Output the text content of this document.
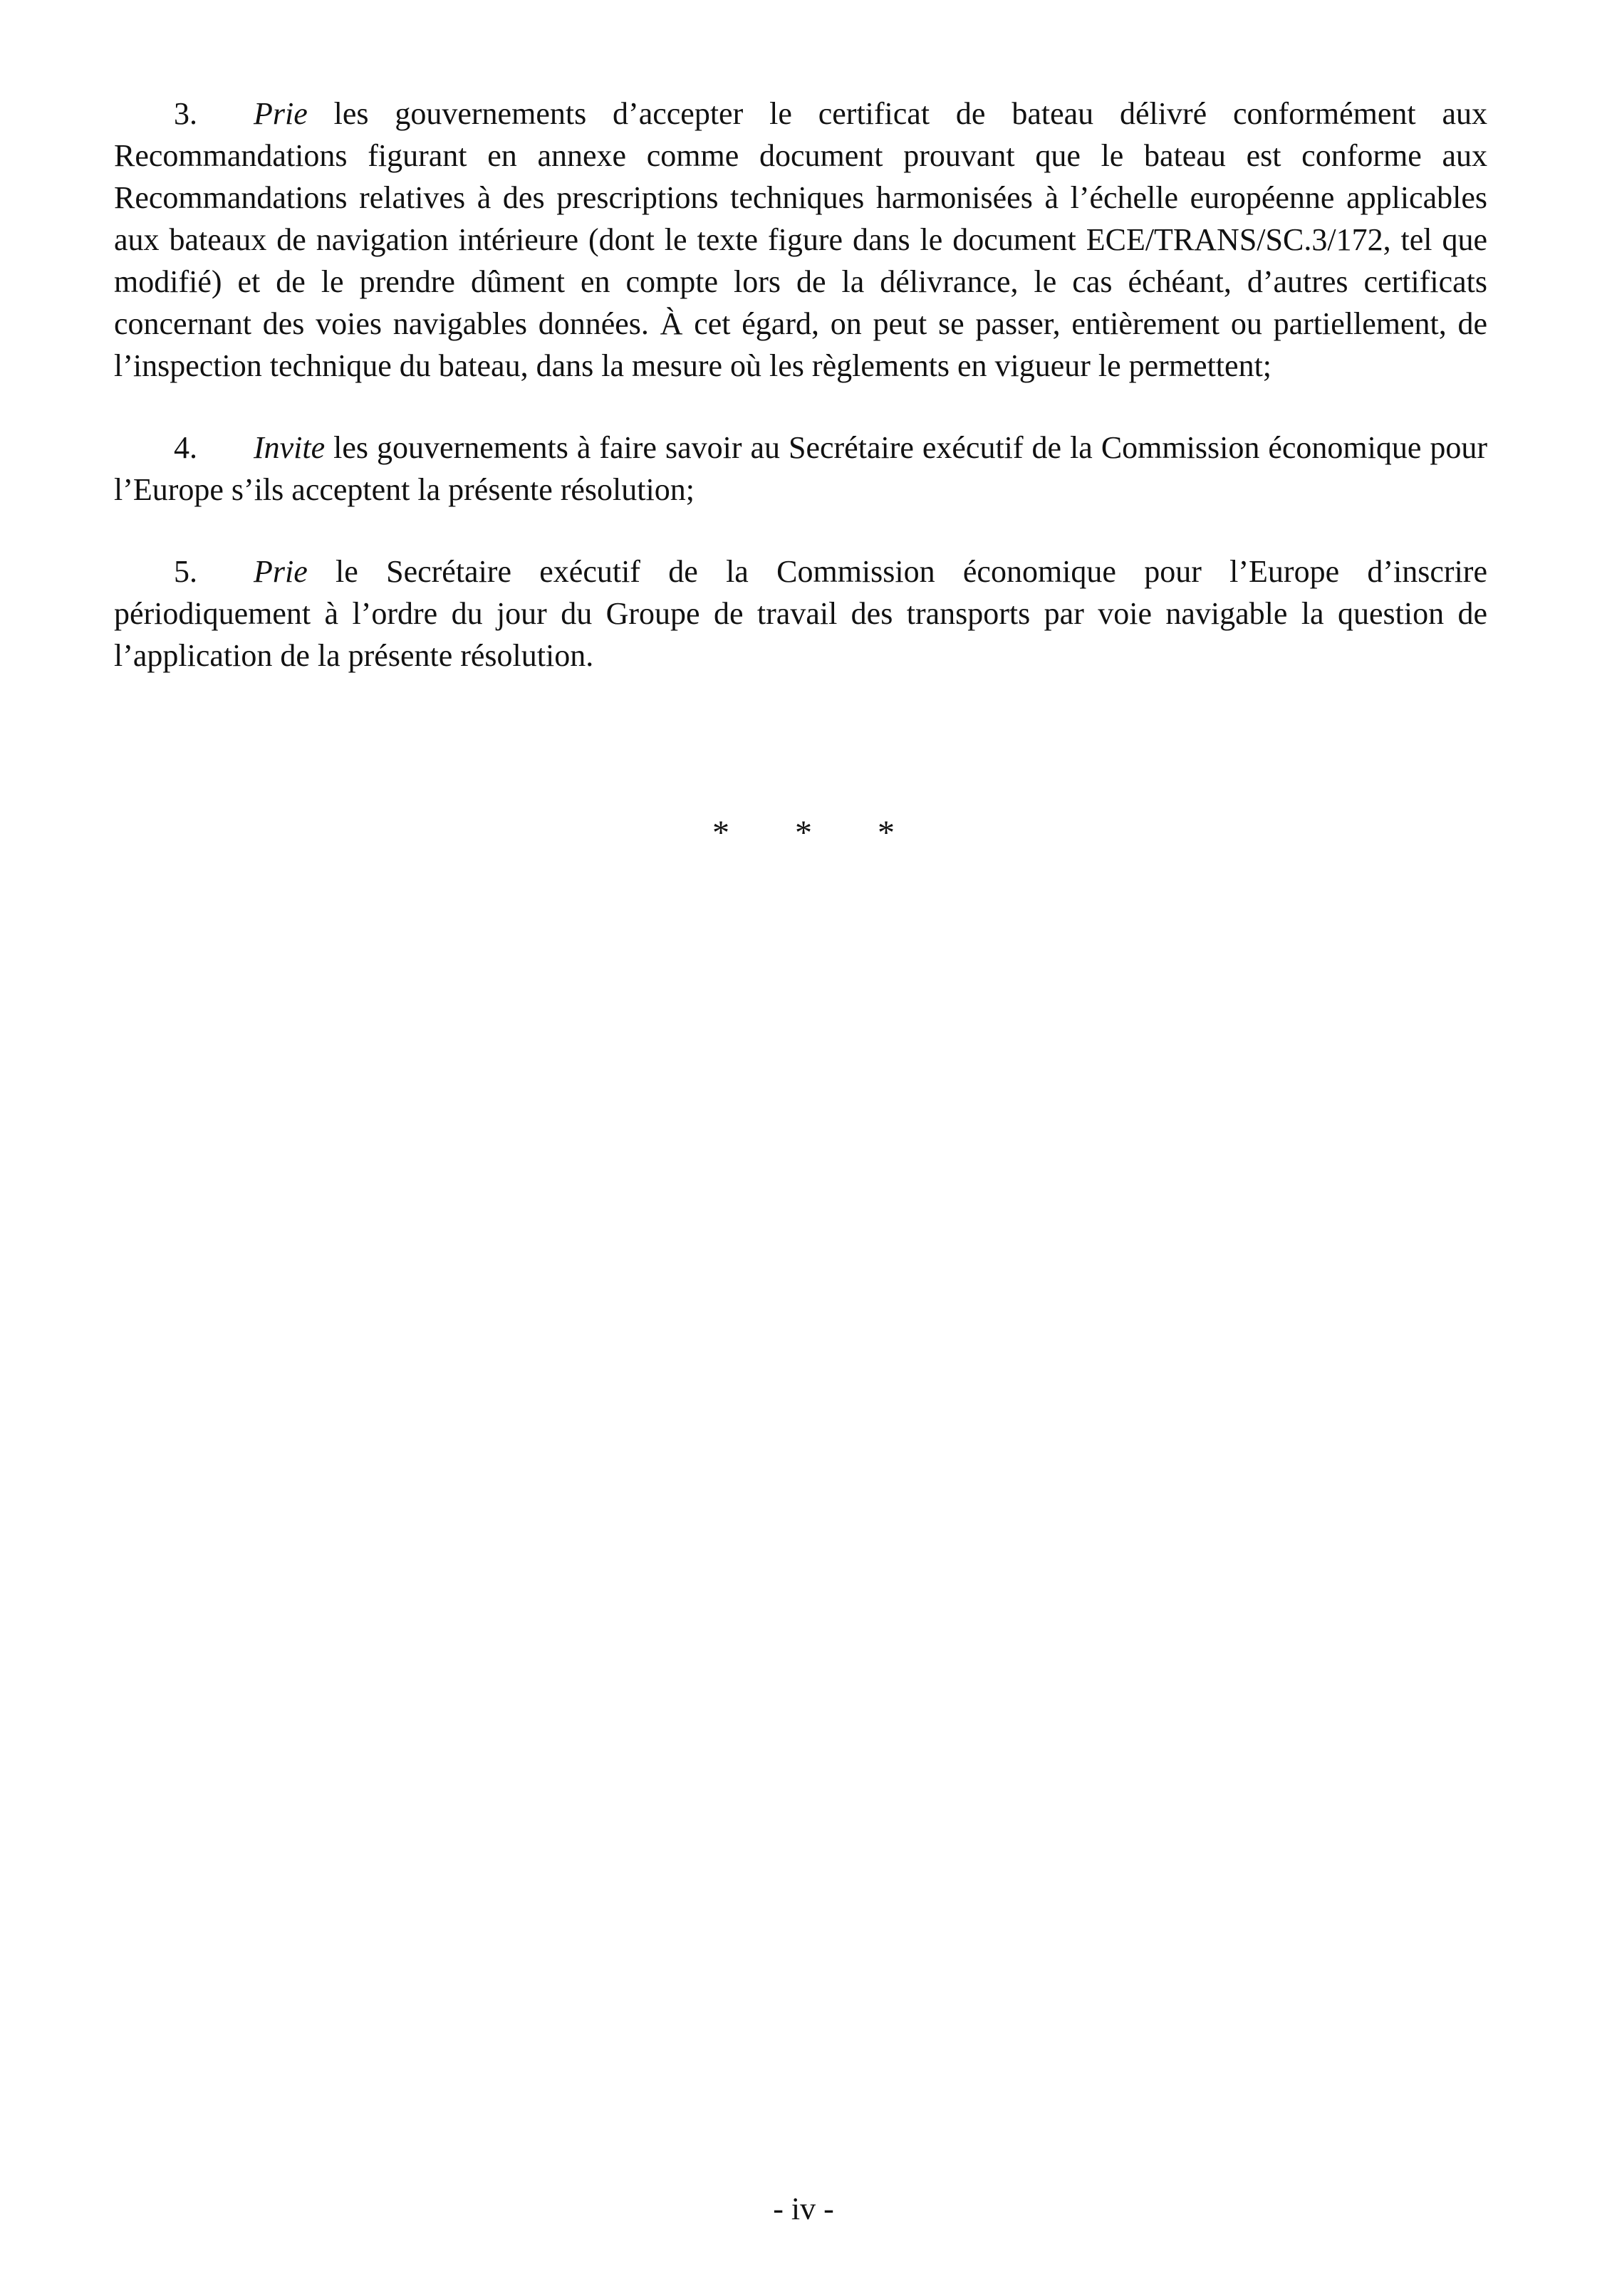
3. Prie les gouvernements d’accepter le certificat de bateau délivré conformément aux Recommandations figurant en annexe comme document prouvant que le bateau est conforme aux Recommandations relatives à des prescriptions techniques harmonisées à l’échelle européenne applicables aux bateaux de navigation intérieure (dont le texte figure dans le document ECE/TRANS/SC.3/172, tel que modifié) et de le prendre dûment en compte lors de la délivrance, le cas échéant, d’autres certificats concernant des voies navigables données. À cet égard, on peut se passer, entièrement ou partiellement, de l’inspection technique du bateau, dans la mesure où les règlements en vigueur le permettent;

4. Invite les gouvernements à faire savoir au Secrétaire exécutif de la Commission économique pour l’Europe s’ils acceptent la présente résolution;

5. Prie le Secrétaire exécutif de la Commission économique pour l’Europe d’inscrire périodiquement à l’ordre du jour du Groupe de travail des transports par voie navigable la question de l’application de la présente résolution.

* * *
- iv -
